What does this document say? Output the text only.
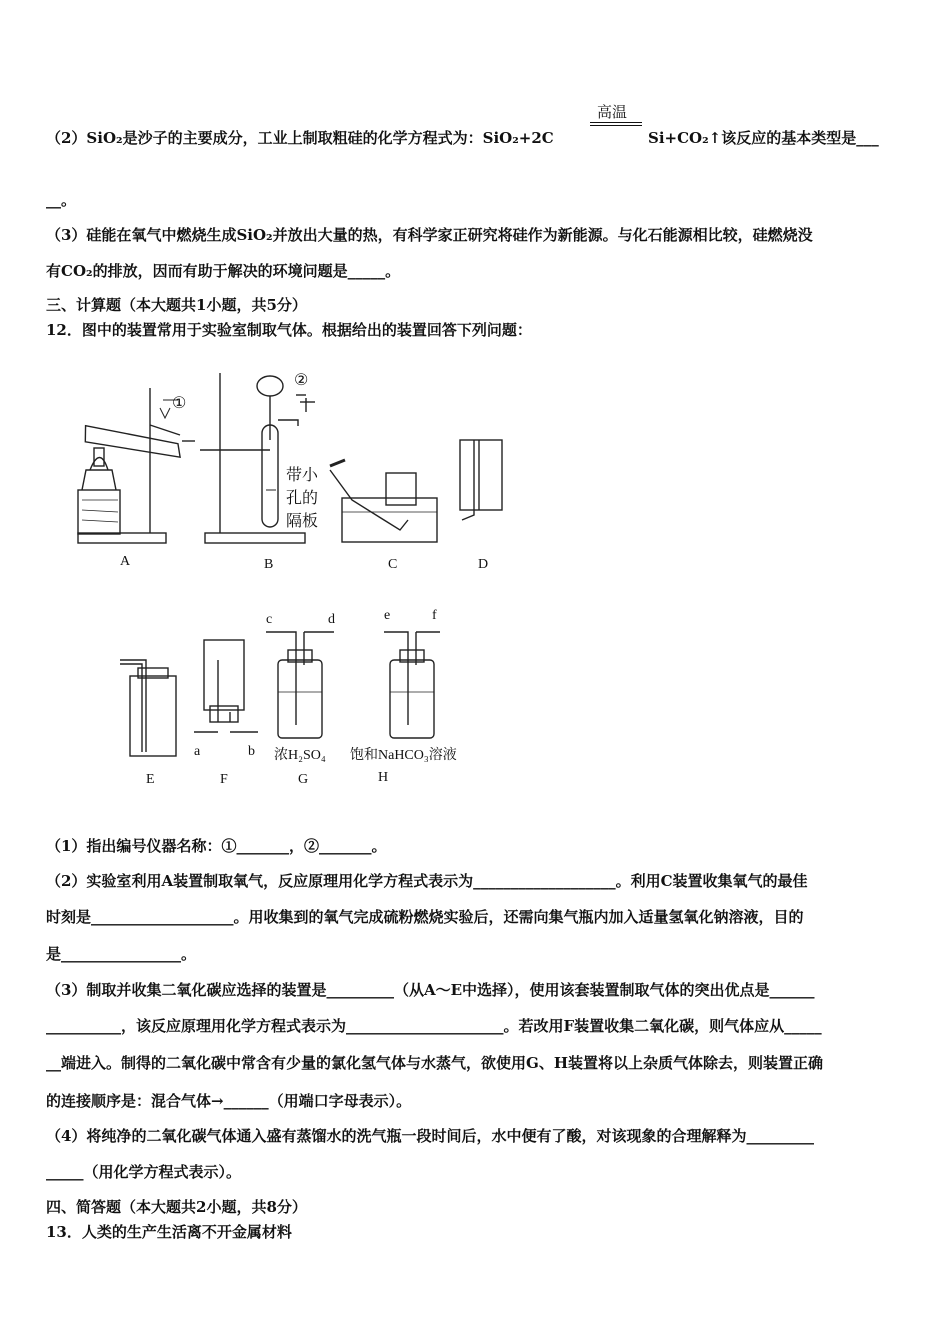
（2）SiO₂是沙子的主要成分，工业上制取粗硅的化学方程式为：SiO₂+2C
高温
Si+CO₂↑该反应的基本类型是___
__。
（3）硅能在氧气中燃烧生成SiO₂并放出大量的热，有科学家正研究将硅作为新能源。与化石能源相比较，硅燃烧没
有CO₂的排放，因而有助于解决的环境问题是_____。
三、计算题（本大题共1小题，共5分）
12．图中的装置常用于实验室制取气体。根据给出的装置回答下列问题：
①
②
带小
孔的
隔板
A	B	C	D
c	d	e	f
a	b 浓H₂SO₄ 饱和NaHCO₃溶液
E	F	G	H
（1）指出编号仪器名称：①_______，②_______。
（2）实验室利用A装置制取氧气，反应原理用化学方程式表示为___________________。利用C装置收集氧气的最佳
时刻是___________________。用收集到的氧气完成硫粉燃烧实验后，还需向集气瓶内加入适量氢氧化钠溶液，目的
是________________。
（3）制取并收集二氧化碳应选择的装置是_________（从A～E中选择），使用该套装置制取气体的突出优点是______
__________，该反应原理用化学方程式表示为_____________________。若改用F装置收集二氧化碳，则气体应从_____
__端进入。制得的二氧化碳中常含有少量的氯化氢气体与水蒸气，欲使用G、H装置将以上杂质气体除去，则装置正确
的连接顺序是：混合气体→______（用端口字母表示）。
（4）将纯净的二氧化碳气体通入盛有蒸馏水的洗气瓶一段时间后，水中便有了酸，对该现象的合理解释为_________
_____（用化学方程式表示）。
四、简答题（本大题共2小题，共8分）
13．人类的生产生活离不开金属材料
